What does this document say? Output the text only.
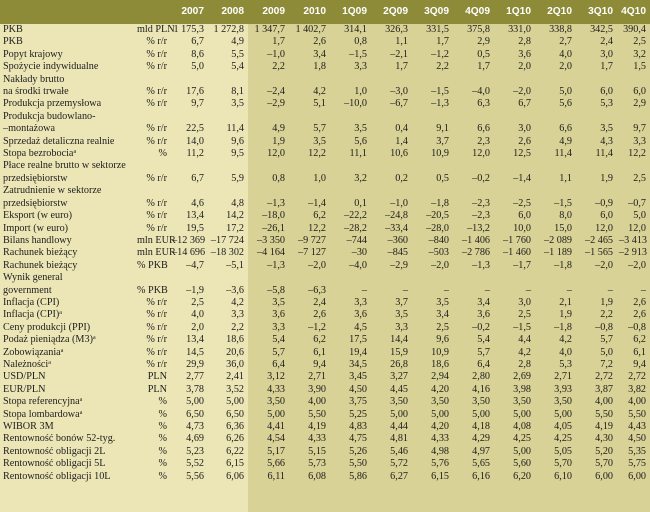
		2007	2008	2009	2010	1Q09	2Q09	3Q09	4Q09	1Q10	2Q10	3Q10	4Q10
PKB	mld PLN	1 175,3	1 272,8	1 347,7	1 402,7	314,1	326,3	331,5	375,8	331,0	338,8	342,5	390,4
PKB	% r/r	6,7	4,9	1,7	2,6	0,8	1,1	1,7	2,9	2,8	2,7	2,4	2,5
Popyt krajowy	% r/r	8,6	5,5	–1,0	3,4	–1,5	–2,1	–1,2	0,5	3,6	4,0	3,0	3,2
Spożycie indywidualne	% r/r	5,0	5,4	2,2	1,8	3,3	1,7	2,2	1,7	2,0	2,0	1,7	1,5
Nakłady brutto													
na środki trwałe	% r/r	17,6	8,1	–2,4	4,2	1,0	–3,0	–1,5	–4,0	–2,0	5,0	6,0	6,0
Produkcja przemysłowa	% r/r	9,7	3,5	–2,9	5,1	–10,0	–6,7	–1,3	6,3	6,7	5,6	5,3	2,9
Produkcja budowlano-													
–montażowa	% r/r	22,5	11,4	4,9	5,7	3,5	0,4	9,1	6,6	3,0	6,6	3,5	9,7
Sprzedaż detaliczna realnie	% r/r	14,0	9,6	1,9	3,5	5,6	1,4	3,7	2,3	2,6	4,9	4,3	3,3
Stopa bezrobocia$^a$	%	11,2	9,5	12,0	12,2	11,1	10,6	10,9	12,0	12,5	11,4	11,4	12,2
Płace realne brutto w sektorze													
przedsiębiorstw	% r/r	6,7	5,9	0,8	1,0	3,2	0,2	0,5	–0,2	–1,4	1,1	1,9	2,5
Zatrudnienie w sektorze													
przedsiębiorstw	% r/r	4,6	4,8	–1,3	–1,4	0,1	–1,0	–1,8	–2,3	–2,5	–1,5	–0,9	–0,7
Eksport (w euro)	% r/r	13,4	14,2	–18,0	6,2	–22,2	–24,8	–20,5	–2,3	6,0	8,0	6,0	5,0
Import (w euro)	% r/r	19,5	17,2	–26,1	12,2	–28,2	–33,4	–28,0	–13,2	10,0	15,0	12,0	12,0
Bilans handlowy	mln EUR	–12 369	–17 724	–3 350	–9 727	–744	–360	–840	–1 406	–1 760	–2 089	–2 465	–3 413
Rachunek bieżący	mln EUR	–14 696	–18 302	–4 164	–7 127	–30	–845	–503	–2 786	–1 460	–1 189	–1 565	–2 913
Rachunek bieżący	% PKB	–4,7	–5,1	–1,3	–2,0	–4,0	–2,9	–2,0	–1,3	–1,7	–1,8	–2,0	–2,0
Wynik general													
government	% PKB	–1,9	–3,6	–5,8	–6,3	–	–	–	–	–	–	–	–
Inflacja (CPI)	% r/r	2,5	4,2	3,5	2,4	3,3	3,7	3,5	3,4	3,0	2,1	1,9	2,6
Inflacja (CPI)$^a$	% r/r	4,0	3,3	3,6	2,6	3,6	3,5	3,4	3,6	2,5	1,9	2,2	2,6
Ceny produkcji (PPI)	% r/r	2,0	2,2	3,3	–1,2	4,5	3,3	2,5	–0,2	–1,5	–1,8	–0,8	–0,8
Podaż pieniądza $(M3)^a$	% r/r	13,4	18,6	5,4	6,2	17,5	14,4	9,6	5,4	4,4	4,2	5,7	6,2
Zobowiązania$^a$	% r/r	14,5	20,6	5,7	6,1	19,4	15,9	10,9	5,7	4,2	4,0	5,0	6,1
Należności$^a$	% r/r	29,9	36,0	6,4	9,4	34,5	26,8	18,6	6,4	2,8	5,3	7,2	9,4
USD/PLN	PLN	2,77	2,41	3,12	2,71	3,45	3,27	2,94	2,80	2,69	2,71	2,72	2,72
EUR/PLN	PLN	3,78	3,52	4,33	3,90	4,50	4,45	4,20	4,16	3,98	3,93	3,87	3,82
Stopa referencyjna$^a$	%	5,00	5,00	3,50	4,00	3,75	3,50	3,50	3,50	3,50	3,50	4,00	4,00
Stopa lombardowa$^a$	%	6,50	6,50	5,00	5,50	5,25	5,00	5,00	5,00	5,00	5,00	5,50	5,50
WIBOR 3M	%	4,73	6,36	4,41	4,19	4,83	4,44	4,20	4,18	4,08	4,05	4,19	4,43
Rentowność bonów 52-tyg.	%	4,69	6,26	4,54	4,33	4,75	4,81	4,33	4,29	4,25	4,25	4,30	4,50
Rentowność obligacji 2L	%	5,23	6,22	5,17	5,15	5,26	5,46	4,98	4,97	5,00	5,05	5,20	5,35
Rentowność obligacji 5L	%	5,52	6,15	5,66	5,73	5,50	5,72	5,76	5,65	5,60	5,70	5,70	5,75
Rentowność obligacji 10L	%	5,56	6,06	6,11	6,08	5,86	6,27	6,15	6,16	6,20	6,10	6,00	6,00
